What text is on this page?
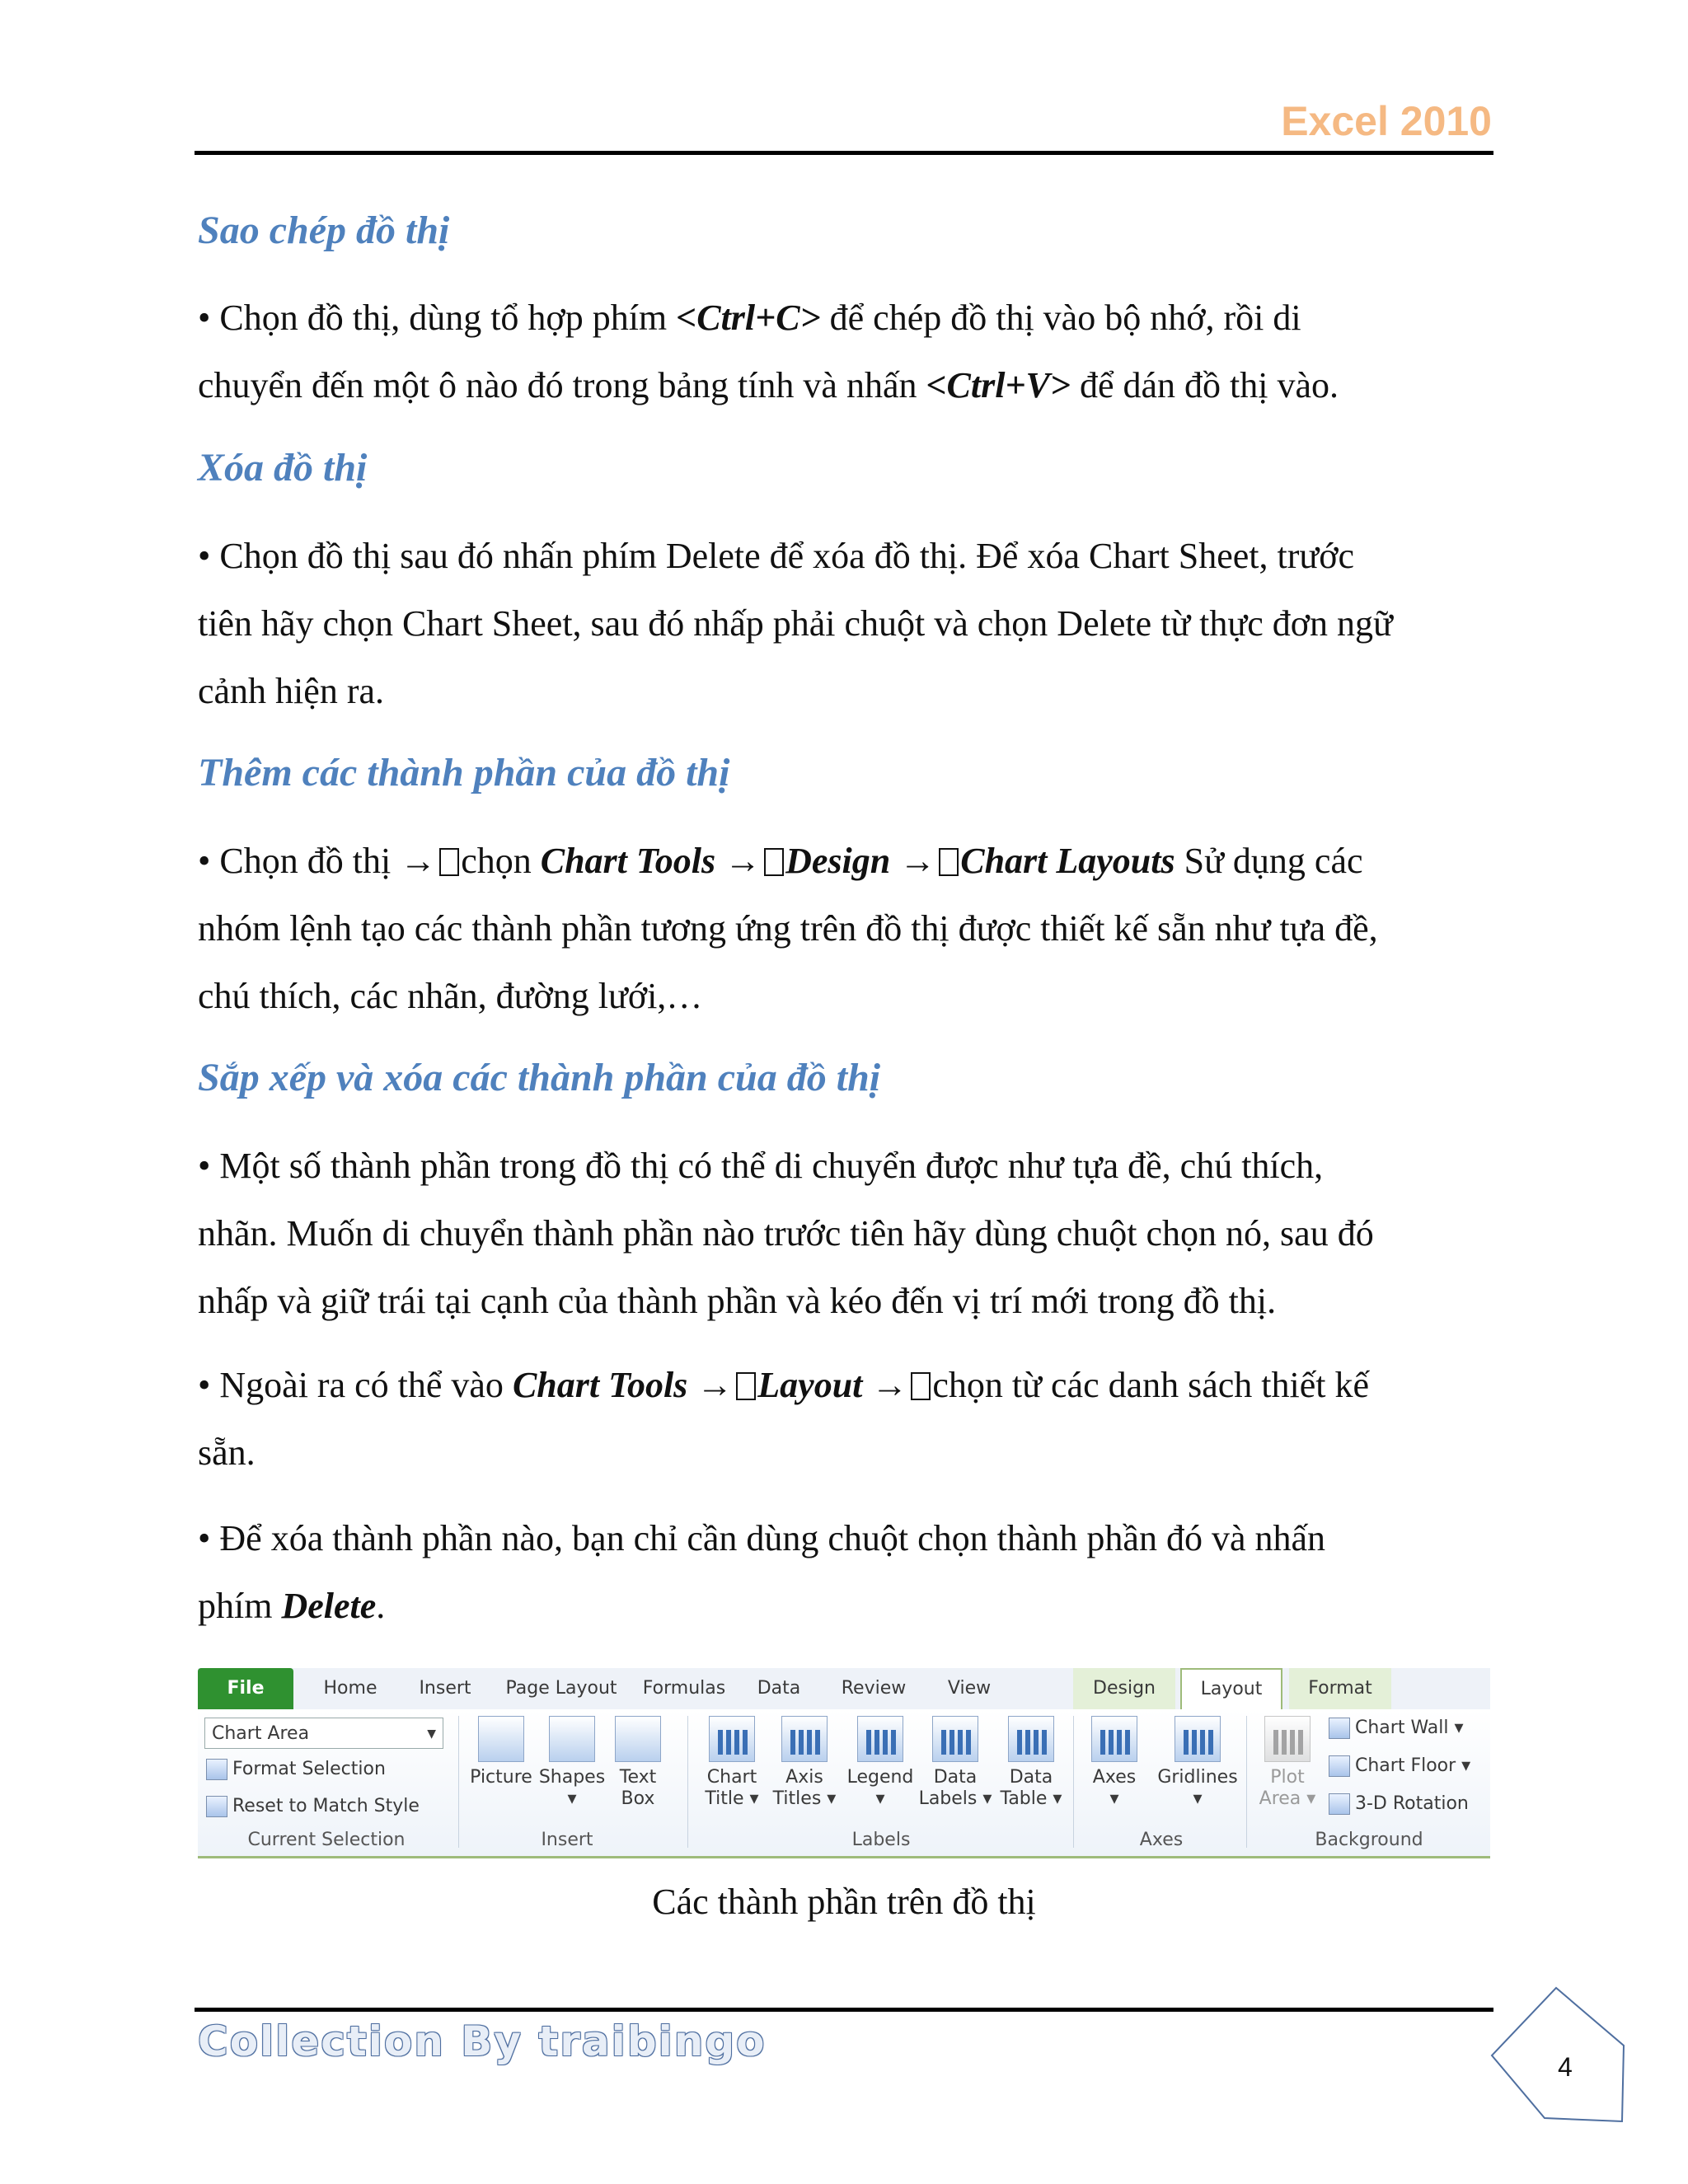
Excel 2010
Sao chép đồ thị

• Chọn đồ thị, dùng tổ hợp phím <Ctrl+C> để chép đồ thị vào bộ nhớ, rồi di

chuyển đến một ô nào đó trong bảng tính và nhấn <Ctrl+V> để dán đồ thị vào.

Xóa đồ thị

• Chọn đồ thị sau đó nhấn phím Delete để xóa đồ thị. Để xóa Chart Sheet, trước

tiên hãy chọn Chart Sheet, sau đó nhấp phải chuột và chọn Delete từ thực đơn ngữ

cảnh hiện ra.

Thêm các thành phần của đồ thị

• Chọn đồ thị → chọn Chart Tools → Design → Chart Layouts Sử dụng các

nhóm lệnh tạo các thành phần tương ứng trên đồ thị được thiết kế sẵn như tựa đề,

chú thích, các nhãn, đường lưới,…

Sắp xếp và xóa các thành phần của đồ thị

• Một số thành phần trong đồ thị có thể di chuyển được như tựa đề, chú thích,

nhãn. Muốn di chuyển thành phần nào trước tiên hãy dùng chuột chọn nó, sau đó

nhấp và giữ trái tại cạnh của thành phần và kéo đến vị trí mới trong đồ thị.

• Ngoài ra có thể vào Chart Tools → Layout → chọn từ các danh sách thiết kế

sẵn.

• Để xóa thành phần nào, bạn chỉ cần dùng chuột chọn thành phần đó và nhấn

phím Delete.

File	Home	Insert	Page Layout	Formulas	Data	Review	View	Design	Layout	Format
Chart Area	▼
Format Selection
Reset to Match Style
Current Selection
Picture Shapes
▾
Text
Box
Insert
Chart
Title ▾
Axis
Titles ▾
Legend
▾
Data
Labels ▾
Data
Table ▾
Labels
Axes
▾
Gridlines
▾
Axes
Plot
Area ▾
Chart Wall ▾
Chart Floor ▾
3-D Rotation
Background
Các thành phần trên đồ thị
Collection By traibingo
4
